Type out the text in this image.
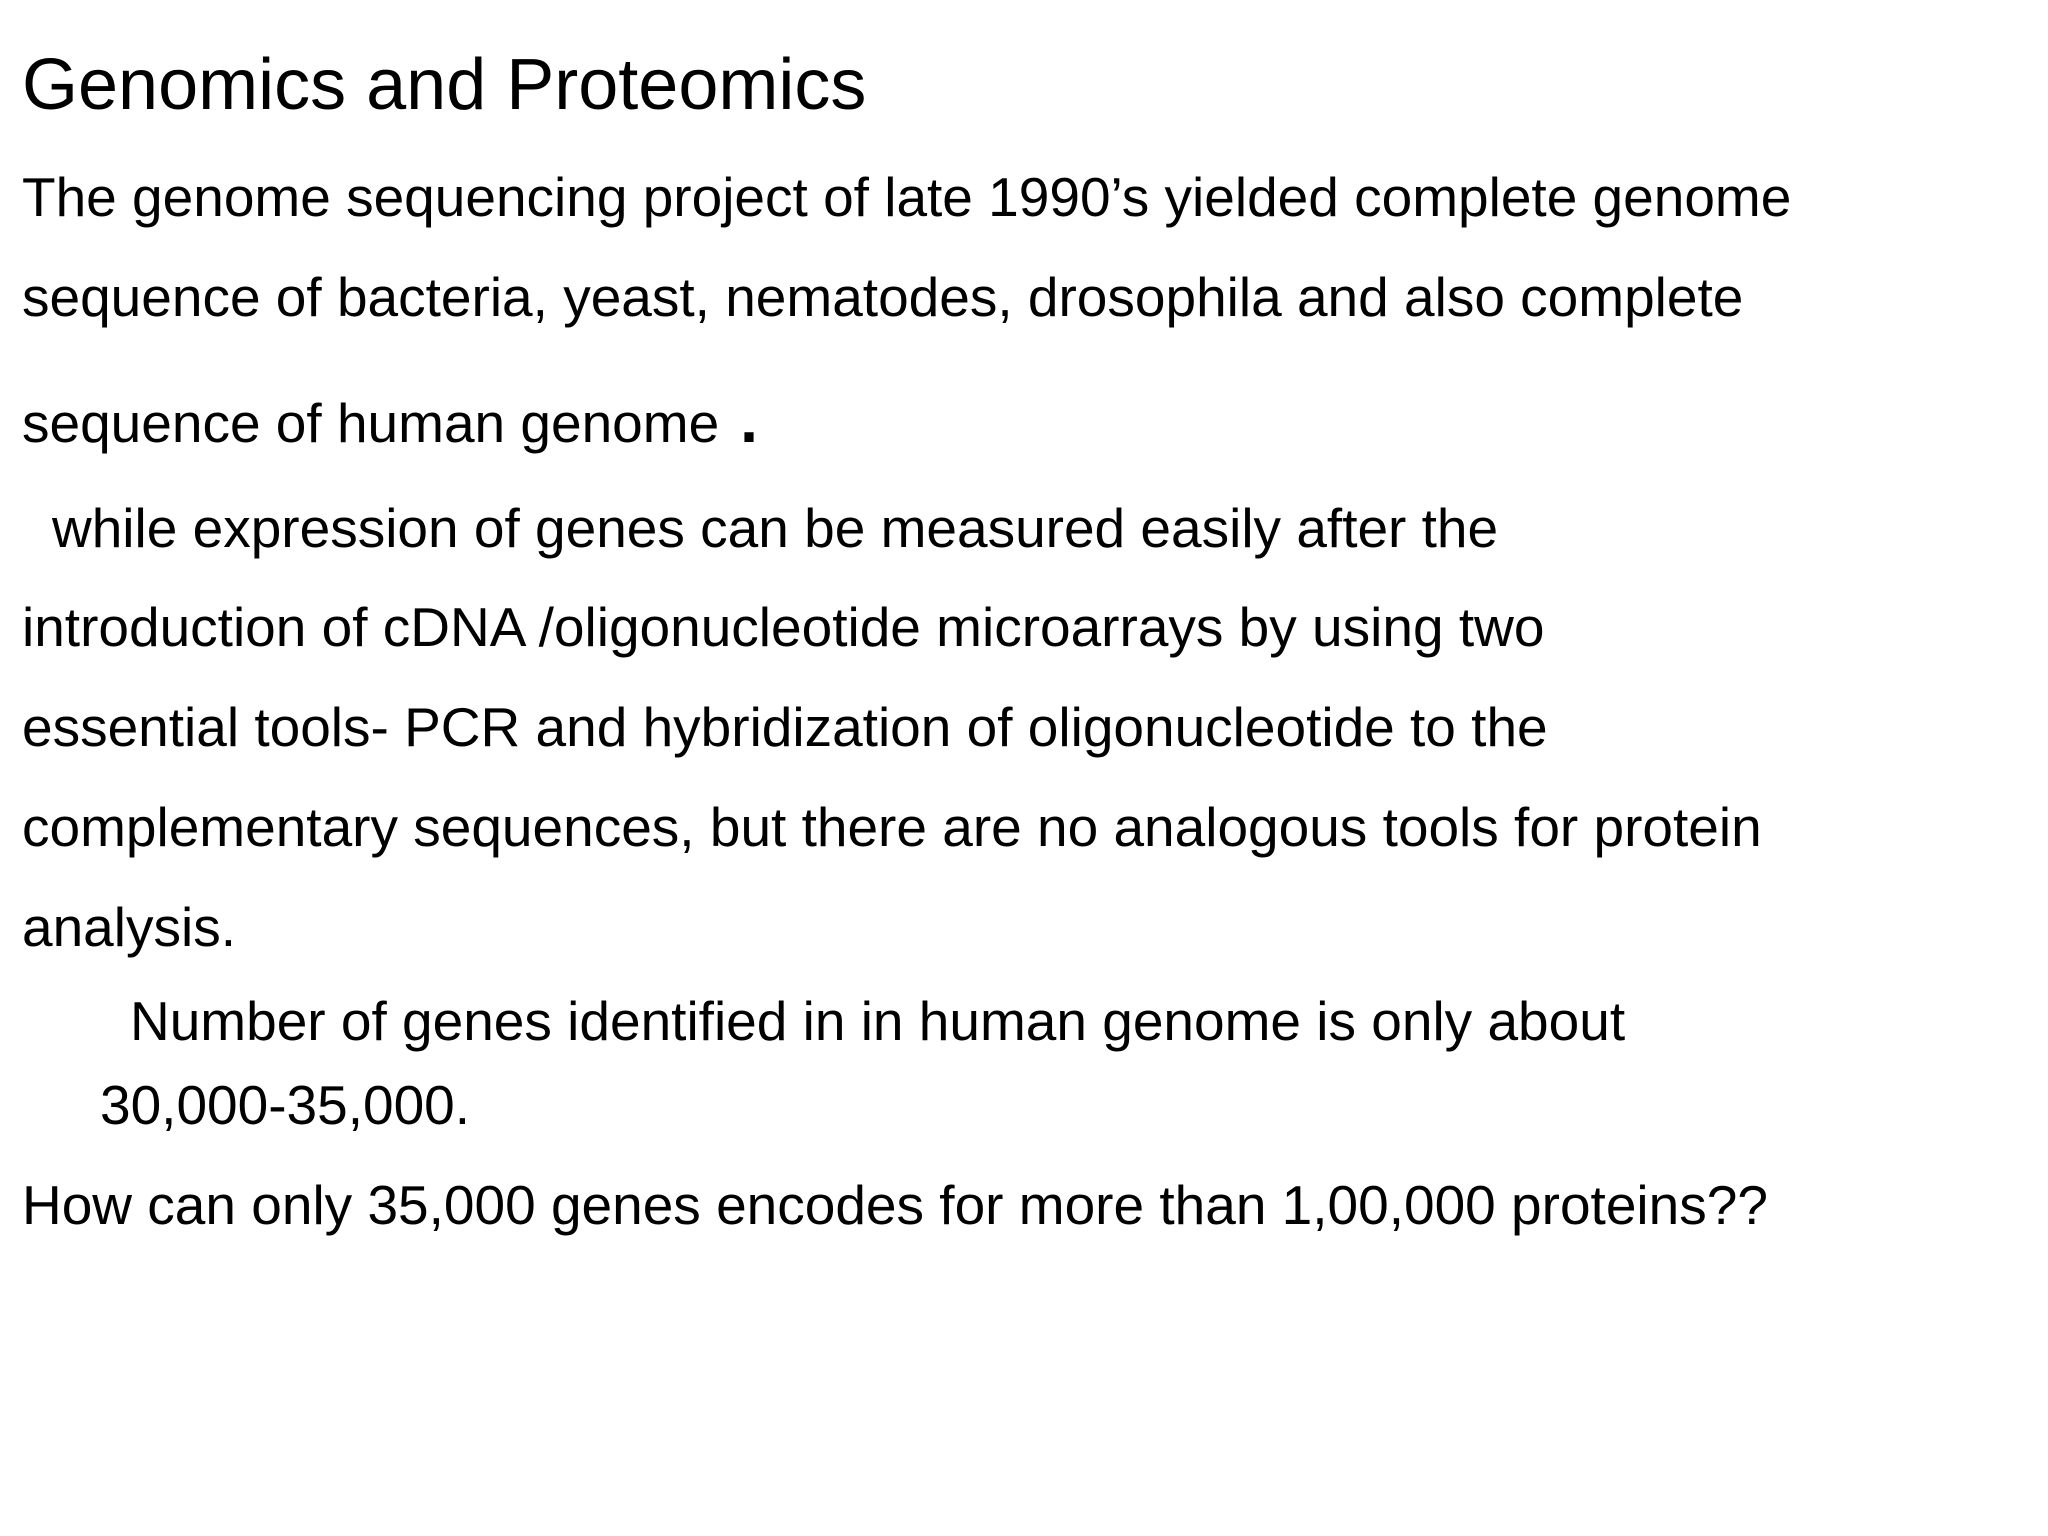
Genomics and Proteomics
The genome sequencing project of late 1990’s yielded complete genome
sequence of bacteria, yeast, nematodes, drosophila and also complete
sequence of human genome .
while expression of genes can be measured easily after the
introduction of cDNA /oligonucleotide microarrays by using two
essential tools- PCR and hybridization of oligonucleotide to the
complementary sequences, but there are no analogous tools for protein
analysis.
Number of genes identified in in human genome is only about
30,000-35,000.
How can only 35,000 genes encodes for more than 1,00,000 proteins??
